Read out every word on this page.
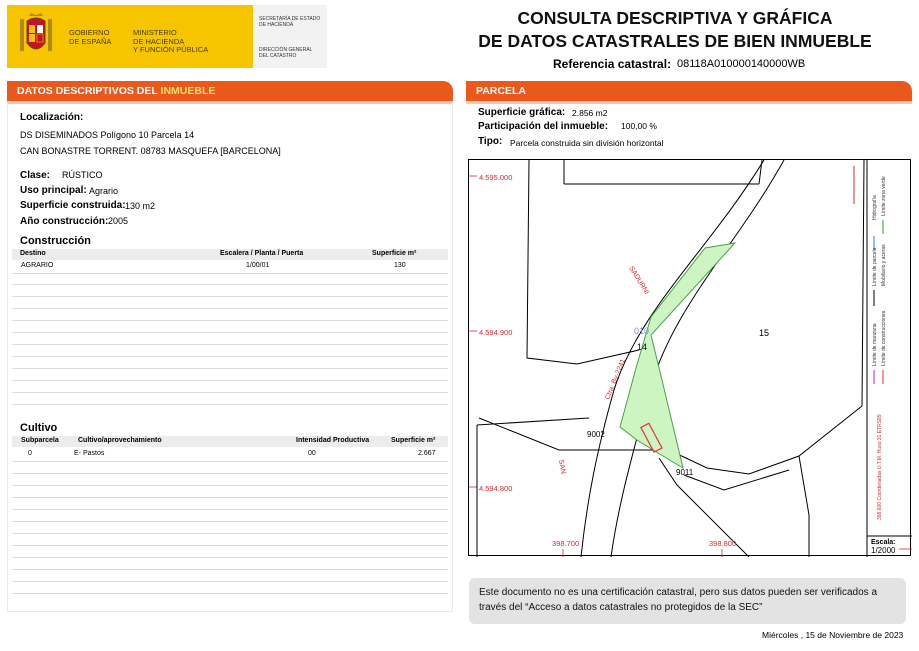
GOBIERNO
DE ESPAÑA
MINISTERIO
DE HACIENDA
Y FUNCIÓN PÚBLICA
SECRETARÍA DE ESTADO
DE HACIENDA
DIRECCIÓN GENERAL
DEL CATASTRO
CONSULTA DESCRIPTIVA Y GRÁFICA
DE DATOS CATASTRALES DE BIEN INMUEBLE
Referencia catastral: 08118A010000140000WB
DATOS DESCRIPTIVOS DEL INMUEBLE
Localización:
DS DISEMINADOS Polígono 10 Parcela 14
CAN BONASTRE TORRENT. 08783 MASQUEFA [BARCELONA]
Clase: RÚSTICO
Uso principal: Agrario
Superficie construida: 130 m2
Año construcción: 2005
Construcción
Destino	Escalera / Planta / Puerta	Superficie m²
AGRARIO	1/00/01	130
Cultivo
Subparcela	Cultivo/aprovechamiento	Intensidad Productiva	Superficie m²
0	E- Pastos	00	2.667
PARCELA
Superficie gráfica: 2.856 m2
Participación del inmueble: 100,00 %
Tipo: Parcela construida sin división horizontal
4.595.000
4.594.900
4.594.800
398.700	398.800
14
15
010
SADURNI
Ctra. Bv-2241
SAN
9002
9011
Hidrografía Límite zona verde
Límite de parcela Mobiliario y aceras
Límite de manzana Límite de construcciones
398,600 Coordenadas U.T.M. Huso 31 ETRS89
Escala:
1/2000
Este documento no es una certificación catastral, pero sus datos pueden ser verificados a
través del “Acceso a datos catastrales no protegidos de la SEC”
Miércoles , 15 de Noviembre de 2023
